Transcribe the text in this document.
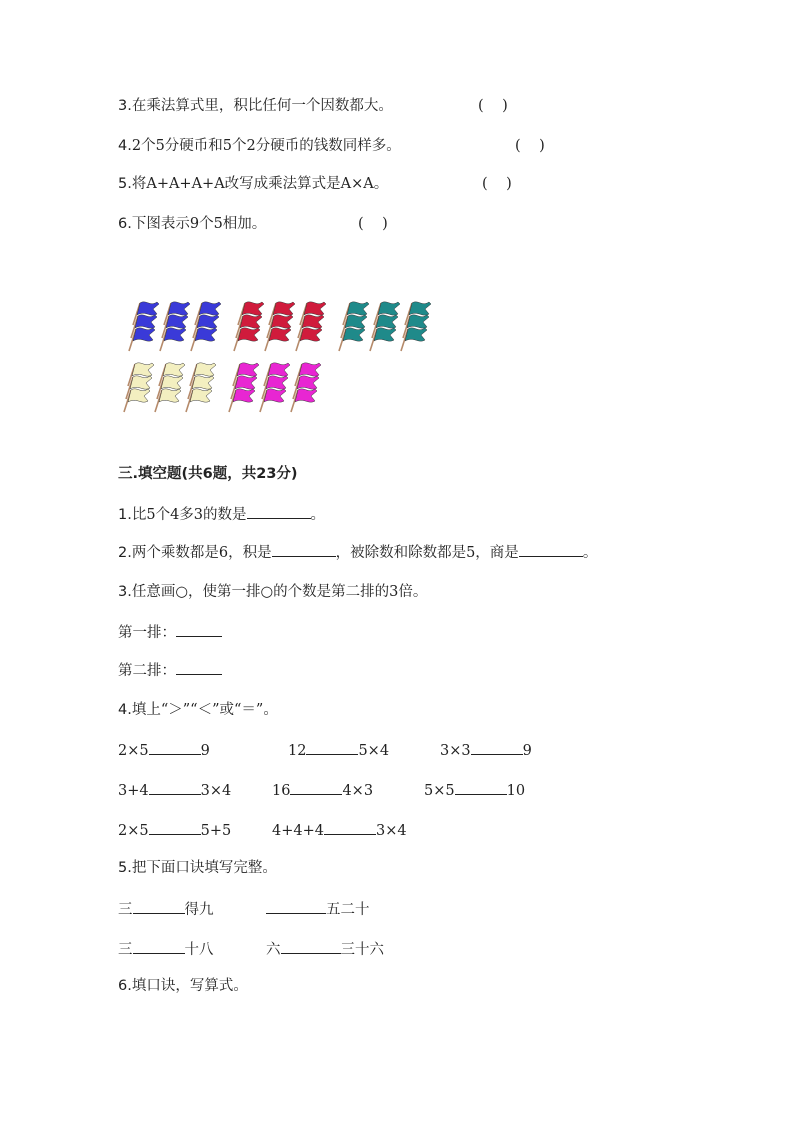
3.在乘法算式里，积比任何一个因数都大。	(    )
4.2个5分硬币和5个2分硬币的钱数同样多。	(    )
5.将A+A+A+A改写成乘法算式是A×A。	(    )
6.下图表示9个5相加。	(    )
三.填空题(共6题，共23分)
1.比5个4多3的数是	。
2.两个乘数都是6，积是	，被除数和除数都是5，商是	。
3.任意画○，使第一排○的个数是第二排的3倍。
第一排：
第二排：
4.填上“＞”“＜”或“＝”。
2×5	9	12	5×4	3×3	9
3+4	3×4	16	4×3	5×5	10
2×5	5+5	4+4+4	3×4
5.把下面口诀填写完整。
三	得九	五二十
三	十八	六	三十六
6.填口诀，写算式。
